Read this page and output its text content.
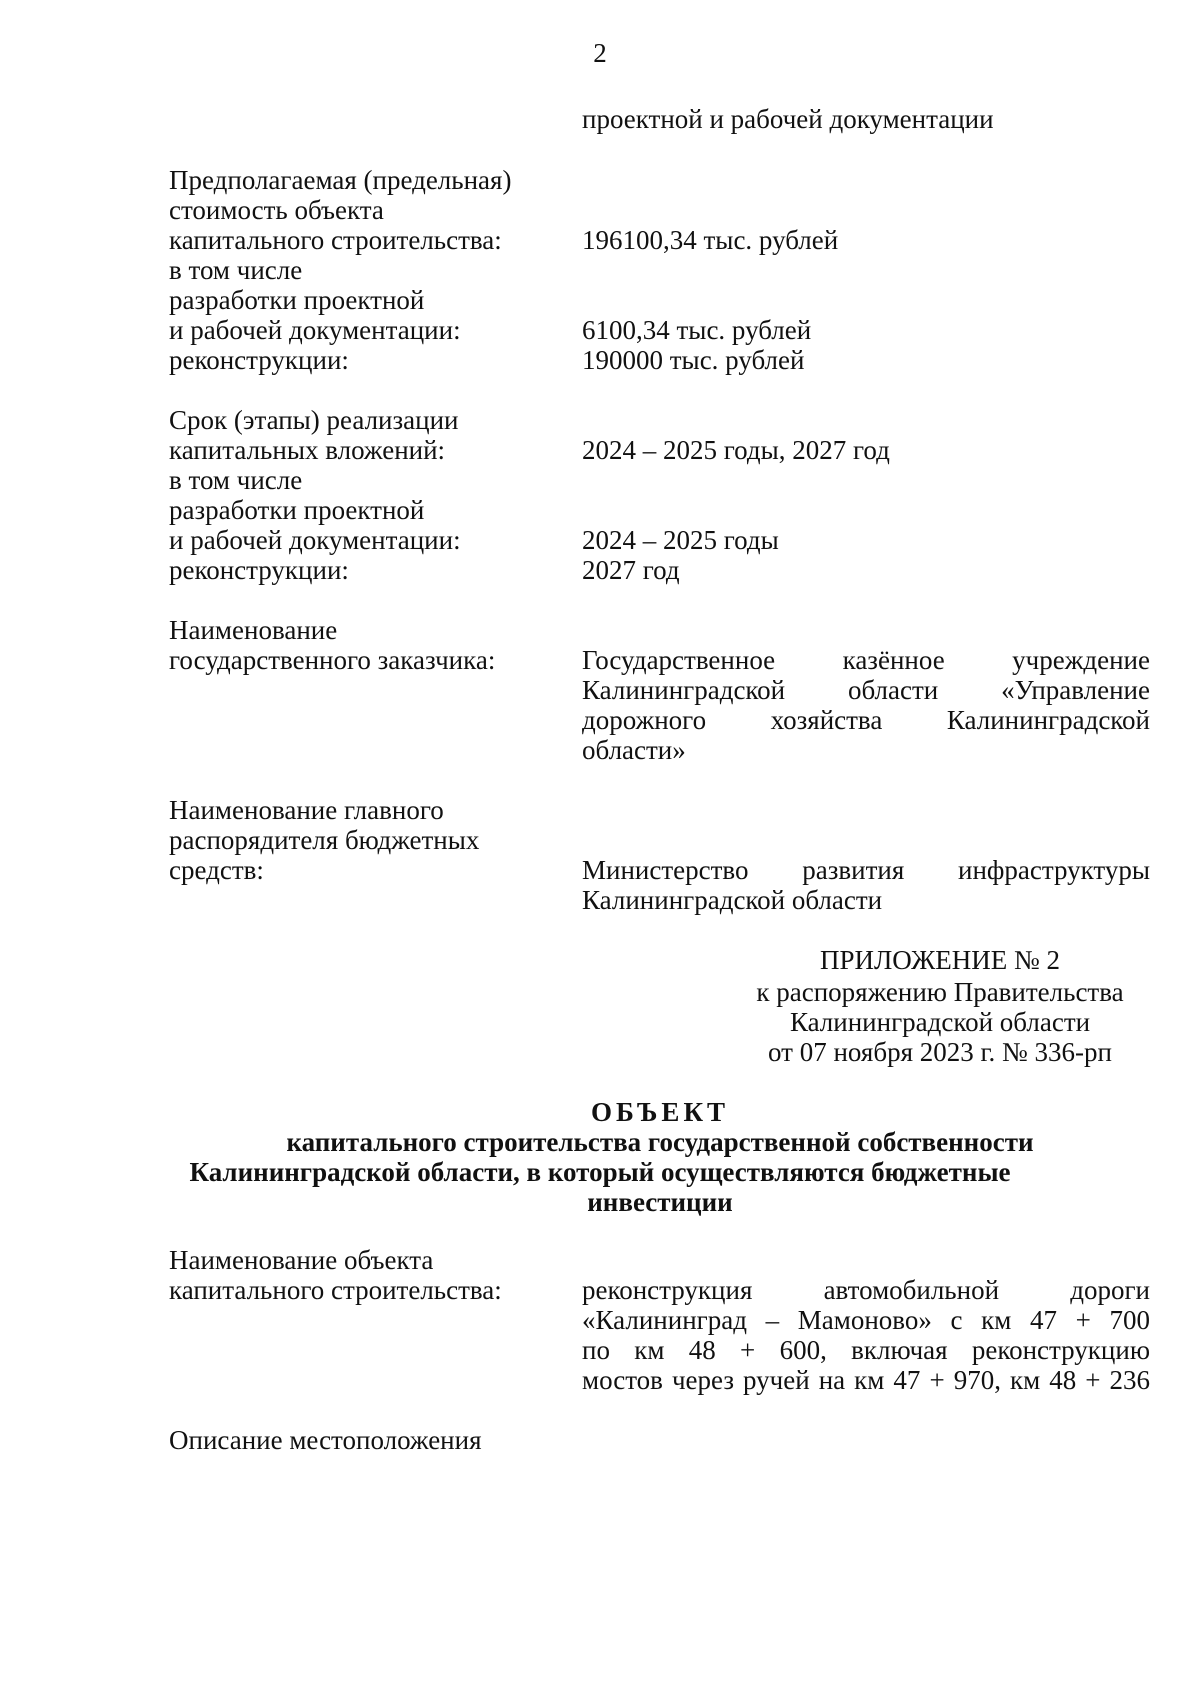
2
проектной и рабочей документации
Предполагаемая (предельная)
стоимость объекта
капитального строительства:	196100,34 тыс. рублей
в том числе
разработки проектной
и рабочей документации:	6100,34 тыс. рублей
реконструкции:	190000 тыс. рублей
Срок (этапы) реализации
капитальных вложений:	2024 – 2025 годы, 2027 год
в том числе
разработки проектной
и рабочей документации:	2024 – 2025 годы
реконструкции:	2027 год
Наименование
государственного заказчика:	Государственное казённое учреждение
Калининградской области «Управление
дорожного хозяйства Калининградской
области»
Наименование главного
распорядителя бюджетных
средств:	Министерство развития инфраструктуры
Калининградской области
ПРИЛОЖЕНИЕ № 2
к распоряжению Правительства
Калининградской области
от 07 ноября 2023 г. № 336-рп
ОБЪЕКТ
капитального строительства государственной собственности
Калининградской области, в который осуществляются бюджетные
инвестиции
Наименование объекта
капитального строительства:	реконструкция автомобильной дороги
«Калининград – Мамоново» с км 47 + 700
по км 48 + 600, включая реконструкцию
мостов через ручей на км 47 + 970, км 48 + 236
Описание местоположения
